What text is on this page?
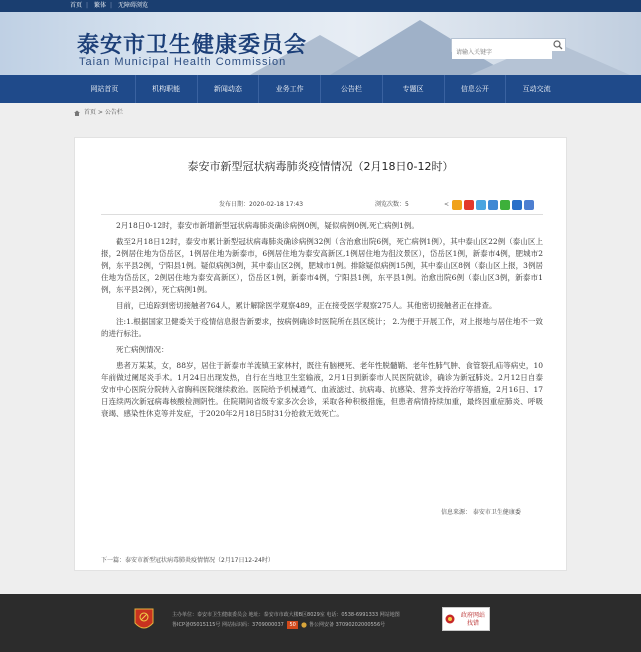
首页 | 繁体 | 无障碍浏览
泰安市卫生健康委员会
Taian Municipal Health Commission
请输入关键字
网站首页	机构职能	新闻动态	业务工作	公告栏	专题区	信息公开	互动交流
首页 > 公告栏
泰安市新型冠状病毒肺炎疫情情况（2月18日0-12时）
发布日期：2020-02-18 17:43	浏览次数：5	<

2月18日0-12时，泰安市新增新型冠状病毒肺炎确诊病例0例，疑似病例0例,死亡病例1例。

截至2月18日12时，泰安市累计新型冠状病毒肺炎确诊病例32例（含治愈出院6例，死亡病例1例），其中泰山区22例（泰山区上报，2例居住地为岱岳区，1例居住地为新泰市，6例居住地为泰安高新区,1例居住地为徂汶景区），岱岳区1例，新泰市4例，肥城市2例，东平县2例，宁阳县1例。疑似病例3例，其中泰山区2例，肥城市1例。排除疑似病例15例，其中泰山区8例（泰山区上报，3例居住地为岱岳区，2例居住地为泰安高新区），岱岳区1例，新泰市4例，宁阳县1例，东平县1例。治愈出院6例（泰山区3例，新泰市1例，东平县2例），死亡病例1例。

目前，已追踪到密切接触者764人，累计解除医学观察489，正在接受医学观察275人。其他密切接触者正在排查。

注:1.根据国家卫健委关于疫情信息报告新要求，按病例确诊时医院所在县区统计； 2.为便于开展工作，对上报地与居住地不一致的进行标注。

死亡病例情况：

患者万某某，女，88岁，居住于新泰市羊流镇王家林村，既往有脑梗死、老年性脱髓鞘、老年性肺气肿、食管裂孔疝等病史，10年前做过阑尾炎手术。1月24日出现发热，自行在当地卫生室输液，2月1日到新泰市人民医院就诊，确诊为新冠肺炎。2月12日自泰安市中心医院分院转入省胸科医院继续救治。医院给予机械通气、血液滤过、抗病毒、抗感染、营养支持治疗等措施，2月16日、17日连续两次新冠病毒核酸检测阴性。住院期间省级专家多次会诊，采取各种积极措施，但患者病情持续加重，最终因重症肺炎、呼吸衰竭、感染性休克等并发症，于2020年2月18日5时31分抢救无效死亡。

信息来源： 泰安市卫生健康委
下一篇：泰安市新型冠状病毒肺炎疫情情况（2月17日12-24时）
主办单位：泰安市卫生健康委员会 地址：泰安市市政大楼B区8029室 电话：0538-6991333 网站地图
鲁ICP备05015115号 网站标识码：3709000037 50	鲁公网安备 37090202000556号
政府网站
找错
